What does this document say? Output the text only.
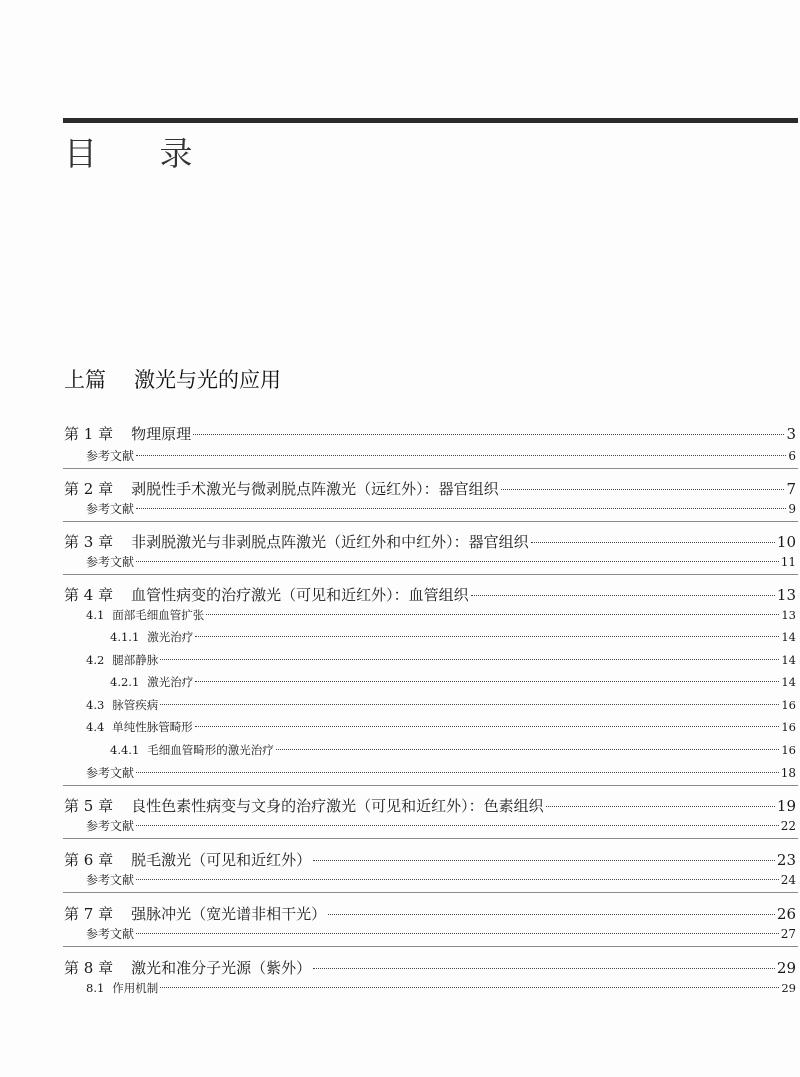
目 录
上篇 激光与光的应用
第 1 章 物理原理	3
参考文献	6
第 2 章 剥脱性手术激光与微剥脱点阵激光（远红外）：器官组织	7
参考文献	9
第 3 章 非剥脱激光与非剥脱点阵激光（近红外和中红外）：器官组织	10
参考文献	11
第 4 章 血管性病变的治疗激光（可见和近红外）：血管组织	13
4.1 面部毛细血管扩张	13
4.1.1 激光治疗	14
4.2 腿部静脉	14
4.2.1 激光治疗	14
4.3 脉管疾病	16
4.4 单纯性脉管畸形	16
4.4.1 毛细血管畸形的激光治疗	16
参考文献	18
第 5 章 良性色素性病变与文身的治疗激光（可见和近红外）：色素组织	19
参考文献	22
第 6 章 脱毛激光（可见和近红外）	23
参考文献	24
第 7 章 强脉冲光（宽光谱非相干光）	26
参考文献	27
第 8 章 激光和准分子光源（紫外）	29
8.1 作用机制	29
